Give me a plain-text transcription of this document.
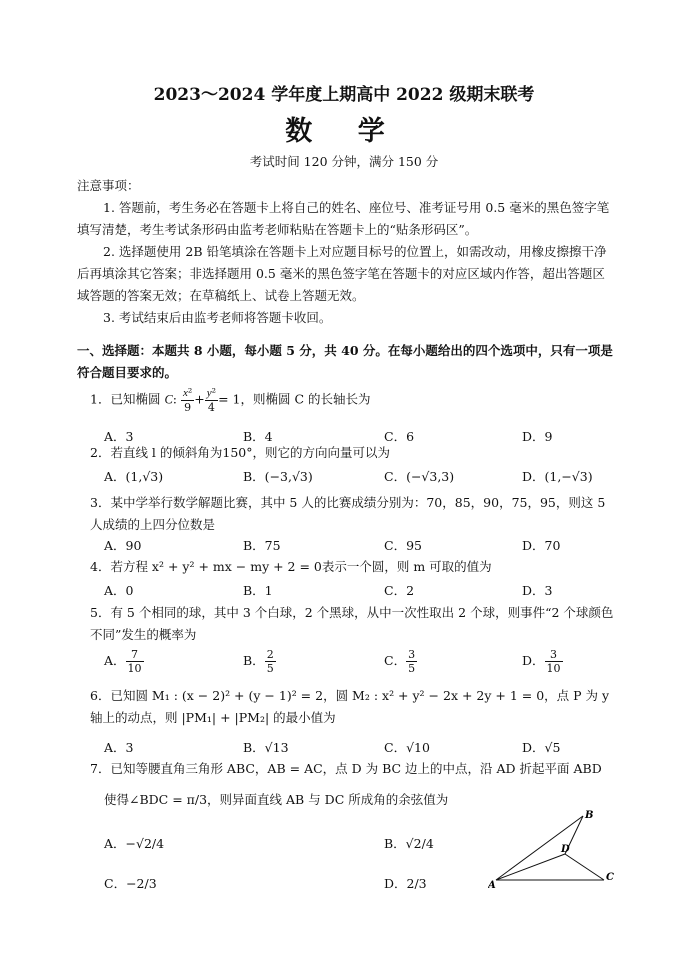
2023～2024 学年度上期高中 2022 级期末联考
数 学
考试时间 120 分钟，满分 150 分
注意事项：
1. 答题前，考生务必在答题卡上将自己的姓名、座位号、准考证号用 0.5 毫米的黑色签字笔填写清楚，考生考试条形码由监考老师粘贴在答题卡上的“贴条形码区”。
2. 选择题使用 2B 铅笔填涂在答题卡上对应题目标号的位置上，如需改动，用橡皮擦擦干净后再填涂其它答案；非选择题用 0.5 毫米的黑色签字笔在答题卡的对应区域内作答，超出答题区域答题的答案无效；在草稿纸上、试卷上答题无效。
3. 考试结束后由监考老师将答题卡收回。
一、选择题：本题共 8 小题，每小题 5 分，共 40 分。在每小题给出的四个选项中，只有一项是符合题目要求的。
1．已知椭圆 C: $\frac{\text{x²}}{9} + \frac{\text{y²}}{4} = 1$，则椭圆 C 的长轴长为
A．3	B．4	C．6	D．9
2．若直线 l 的倾斜角为150°，则它的方向向量可以为
A．(1,√3)	B．(−3,√3)	C．(−√3,3)	D．(1,−√3)
3．某中学举行数学解题比赛，其中 5 人的比赛成绩分别为：70，85，90，75，95，则这 5 人成绩的上四分位数是
A．90	B．75	C．95	D．70
4．若方程 x² + y² + mx − my + 2 = 0表示一个圆，则 m 可取的值为
A．0	B．1	C．2	D．3
5．有 5 个相同的球，其中 3 个白球，2 个黑球，从中一次性取出 2 个球，则事件“2 个球颜色不同”发生的概率为
A． $\frac{7}{10}$	B． $\frac{2}{5}$	C． $\frac{3}{5}$	D． $\frac{3}{10}$
6．已知圆 M₁ : (x − 2)² + (y − 1)² = 2，圆 M₂ : x² + y² − 2x + 2y + 1 = 0，点 P 为 y 轴上的动点，则 |PM₁| + |PM₂| 的最小值为
A．3	B．√13	C．√10	D．√5
7．已知等腰直角三角形 ABC，AB = AC，点 D 为 BC 边上的中点，沿 AD 折起平面 ABD
使得∠BDC = π/3，则异面直线 AB 与 DC 所成角的余弦值为
A．−√2/4	B．√2/4
C．−2/3	D．2/3
B
D
A
C
